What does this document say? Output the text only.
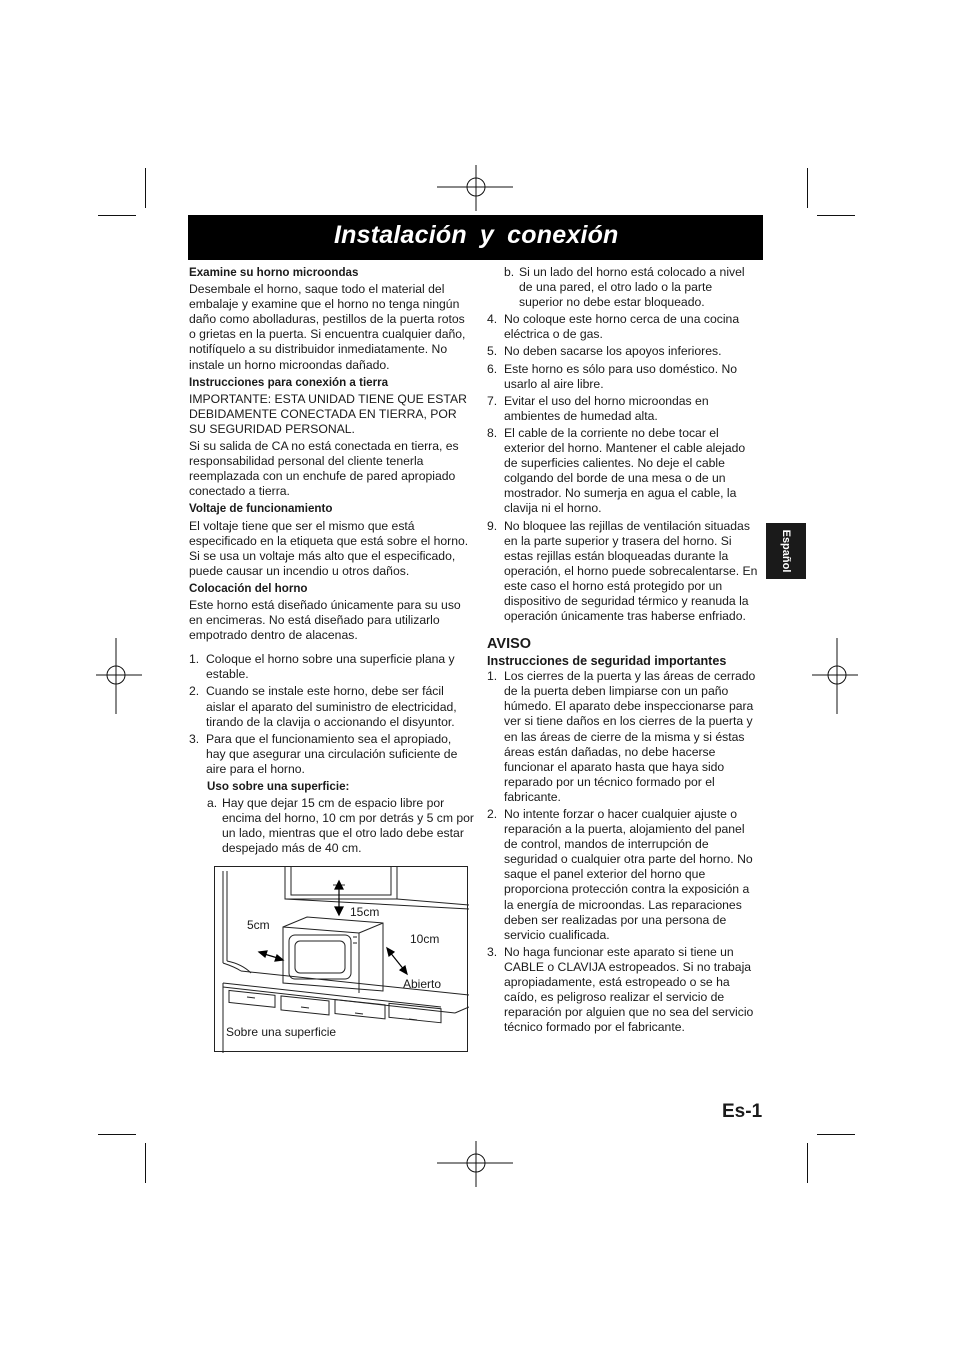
Instalación y conexión
Español
Examine su horno microondas

Desembale el horno, saque todo el material del embalaje y examine que el horno no tenga ningún daño como abolladuras, pestillos de la puerta rotos o grietas en la puerta. Si encuentra cualquier daño, notifíquelo a su distribuidor inmediatamente. No instale un horno microondas dañado.

Instrucciones para conexión a tierra

IMPORTANTE: ESTA UNIDAD TIENE QUE ESTAR DEBIDAMENTE CONECTADA EN TIERRA, POR SU SEGURIDAD PERSONAL.

Si su salida de CA no está conectada en tierra, es responsabilidad personal del cliente tenerla reemplazada con un enchufe de pared apropiado conectado a tierra.

Voltaje de funcionamiento

El voltaje tiene que ser el mismo que está especificado en la etiqueta que está sobre el horno. Si se usa un voltaje más alto que el especificado, puede causar un incendio u otros daños.

Colocación del horno

Este horno está diseñado únicamente para su uso en encimeras. No está diseñado para utilizarlo empotrado dentro de alacenas.

1. Coloque el horno sobre una superficie plana y estable.
2. Cuando se instale este horno, debe ser fácil aislar el aparato del suministro de electricidad, tirando de la clavija o accionando el disyuntor.
3. Para que el funcionamiento sea el apropiado, hay que asegurar una circulación suficiente de aire para el horno.
Uso sobre una superficie:
a. Hay que dejar 15 cm de espacio libre por encima del horno, 10 cm por detrás y 5 cm por un lado, mientras que el otro lado debe estar despejado más de 40 cm.
15cm
5cm
10cm
Abierto
Sobre una superficie
b. Si un lado del horno está colocado a nivel de una pared, el otro lado o la parte superior no debe estar bloqueado.
4. No coloque este horno cerca de una cocina eléctrica o de gas.
5. No deben sacarse los apoyos inferiores.
6. Este horno es sólo para uso doméstico. No usarlo al aire libre.
7. Evitar el uso del horno microondas en ambientes de humedad alta.
8. El cable de la corriente no debe tocar el exterior del horno. Mantener el cable alejado de superficies calientes. No deje el cable colgando del borde de una mesa o de un mostrador. No sumerja en agua el cable, la clavija ni el horno.
9. No bloquee las rejillas de ventilación situadas en la parte superior y trasera del horno. Si estas rejillas están bloqueadas durante la operación, el horno puede sobrecalentarse. En este caso el horno está protegido por un dispositivo de seguridad térmico y reanuda la operación únicamente tras haberse enfriado.

AVISO

Instrucciones de seguridad importantes

1. Los cierres de la puerta y las áreas de cerrado de la puerta deben limpiarse con un paño húmedo. El aparato debe inspeccionarse para ver si tiene daños en los cierres de la puerta y en las áreas de cierre de la misma y si éstas áreas están dañadas, no debe hacerse funcionar el aparato hasta que haya sido reparado por un técnico formado por el fabricante.
2. No intente forzar o hacer cualquier ajuste o reparación a la puerta, alojamiento del panel de control, mandos de interrupción de seguridad o cualquier otra parte del horno. No saque el panel exterior del horno que proporciona protección contra la exposición a la energía de microondas. Las reparaciones deben ser realizadas por una persona de servicio cualificada.
3. No haga funcionar este aparato si tiene un CABLE o CLAVIJA estropeados. Si no trabaja apropiadamente, está estropeado o se ha caído, es peligroso realizar el servicio de reparación por alguien que no sea del servicio técnico formado por el fabricante.
Es-1
